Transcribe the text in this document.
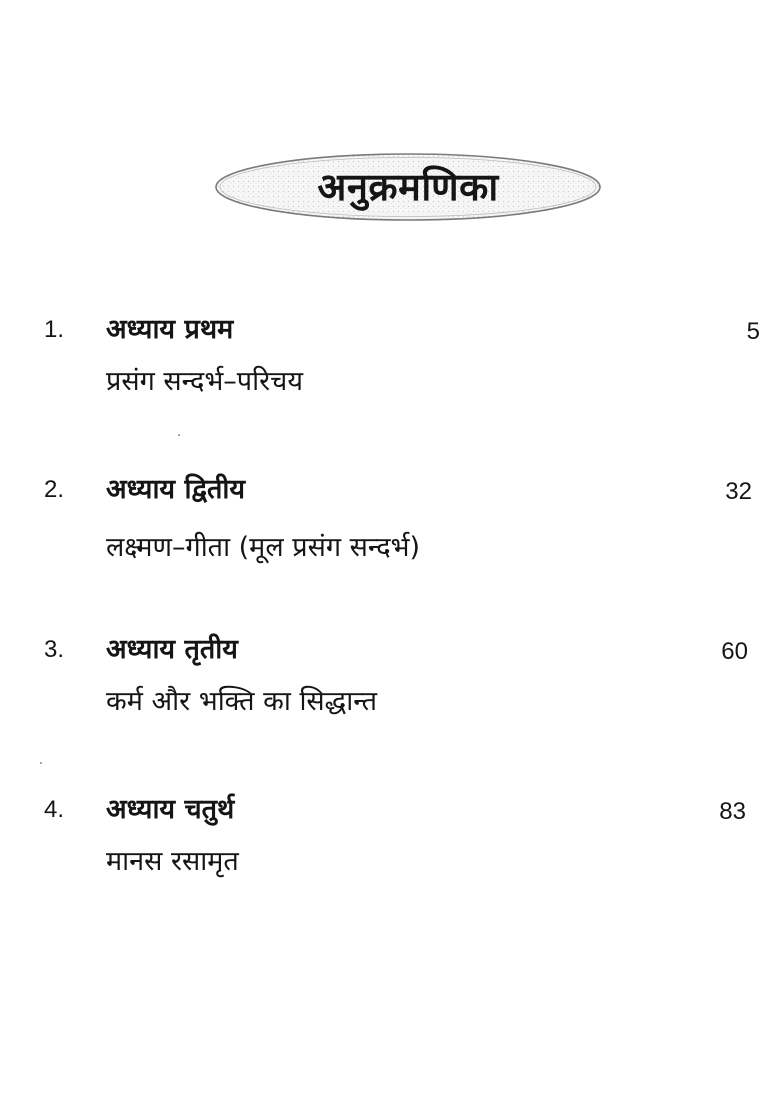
अनुक्रमणिका
1. अध्याय प्रथम	5
प्रसंग सन्दर्भ–परिचय
2. अध्याय द्वितीय	32
लक्ष्मण–गीता (मूल प्रसंग सन्दर्भ)
3. अध्याय तृतीय	60
कर्म और भक्ति का सिद्धान्त
4. अध्याय चतुर्थ	83
मानस रसामृत
